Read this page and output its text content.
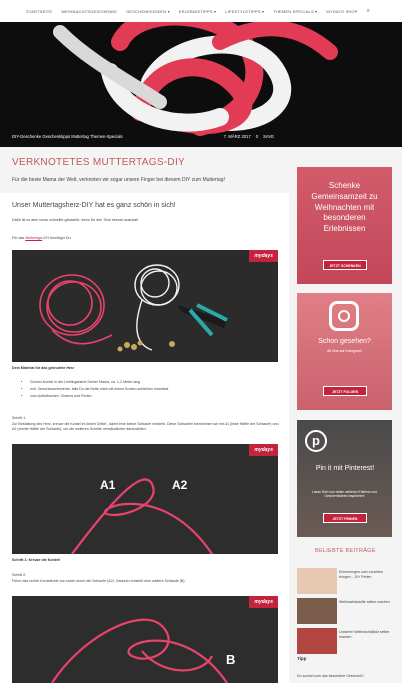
STARTSEITE WEIHNACHTSGESCHENKE GESCHENKEIDEEN ▾ ERLEBNISTIPPS ▾ LIFESTYLETIPPS ▾ THEMEN SPECIALS ▾ MYDAYS SHOP ⌕
DIY-Geschenke Geschenktipps Muttertag Themen-Specials	7. MÄRZ 2017 0 SAVE
VERKNOTETES MUTTERTAGS-DIY
Für die beste Mama der Welt, verknoten wir sogar unsere Finger bei diesem DIY zum Muttertag!
Unser Muttertagsherz-DIY hat es ganz schön in sich!
Dafür ist es aber umso schneller gebastelt, wenn Du den Trick einmal raushast!
Für das Muttertags-DIY benötigst Du:
mydays
Dein Material für das geknotete Herz
• Gummi-Kordel in der Lieblingsfarbe Deiner Mama, ca. 1-2 Meter lang
• evtl. Verschlusselemente, falls Du die Kette nicht mit einem Knoten schließen möchtest
• zum Aufhübschen: Charms und Perlen
Schritt 1:
Zur Bestaltung des Herz, kreuze die Kordel im linken Drittel , damit eine kleine Schlaufe entsteht. Diese Schlaufen bezeichnen wir mit A1 (linke Hälfte der Schlaufe) und A2 (rechte Hälfte der Schlaufe), um die weiteren Schritte verständlicher darzustellen.
A1	A2
mydays
Schritt 1: Kreuze die Kordel!
Schritt 2:
Führe das rechte Kordelende von unten durch die Schlaufe (A2). Dadurch entsteht eine weitere Schlaufe (B).
B
mydays
Schenke Gemeinsamzeit zu Weihnachten mit besonderen Erlebnissen
JETZT SCHENKEN
Schon gesehen?
All eine auf Instagram!
JETZT FOLGEN
p
Pin it mit Pinterest!
Lasse Dich von vielen weiteren Erlebnis und Geschenkideen inspirieren!
JETZT PINNEN
BELIEBTE BEITRÄGE
Erinnerungen zum Leuchten bringen – DIY Perlen
Weihnachtsstuffe selber machen
Leckeren Weihnachtslikör selber machen
Tipp
Du suchst noch das besondere Geschenk?
